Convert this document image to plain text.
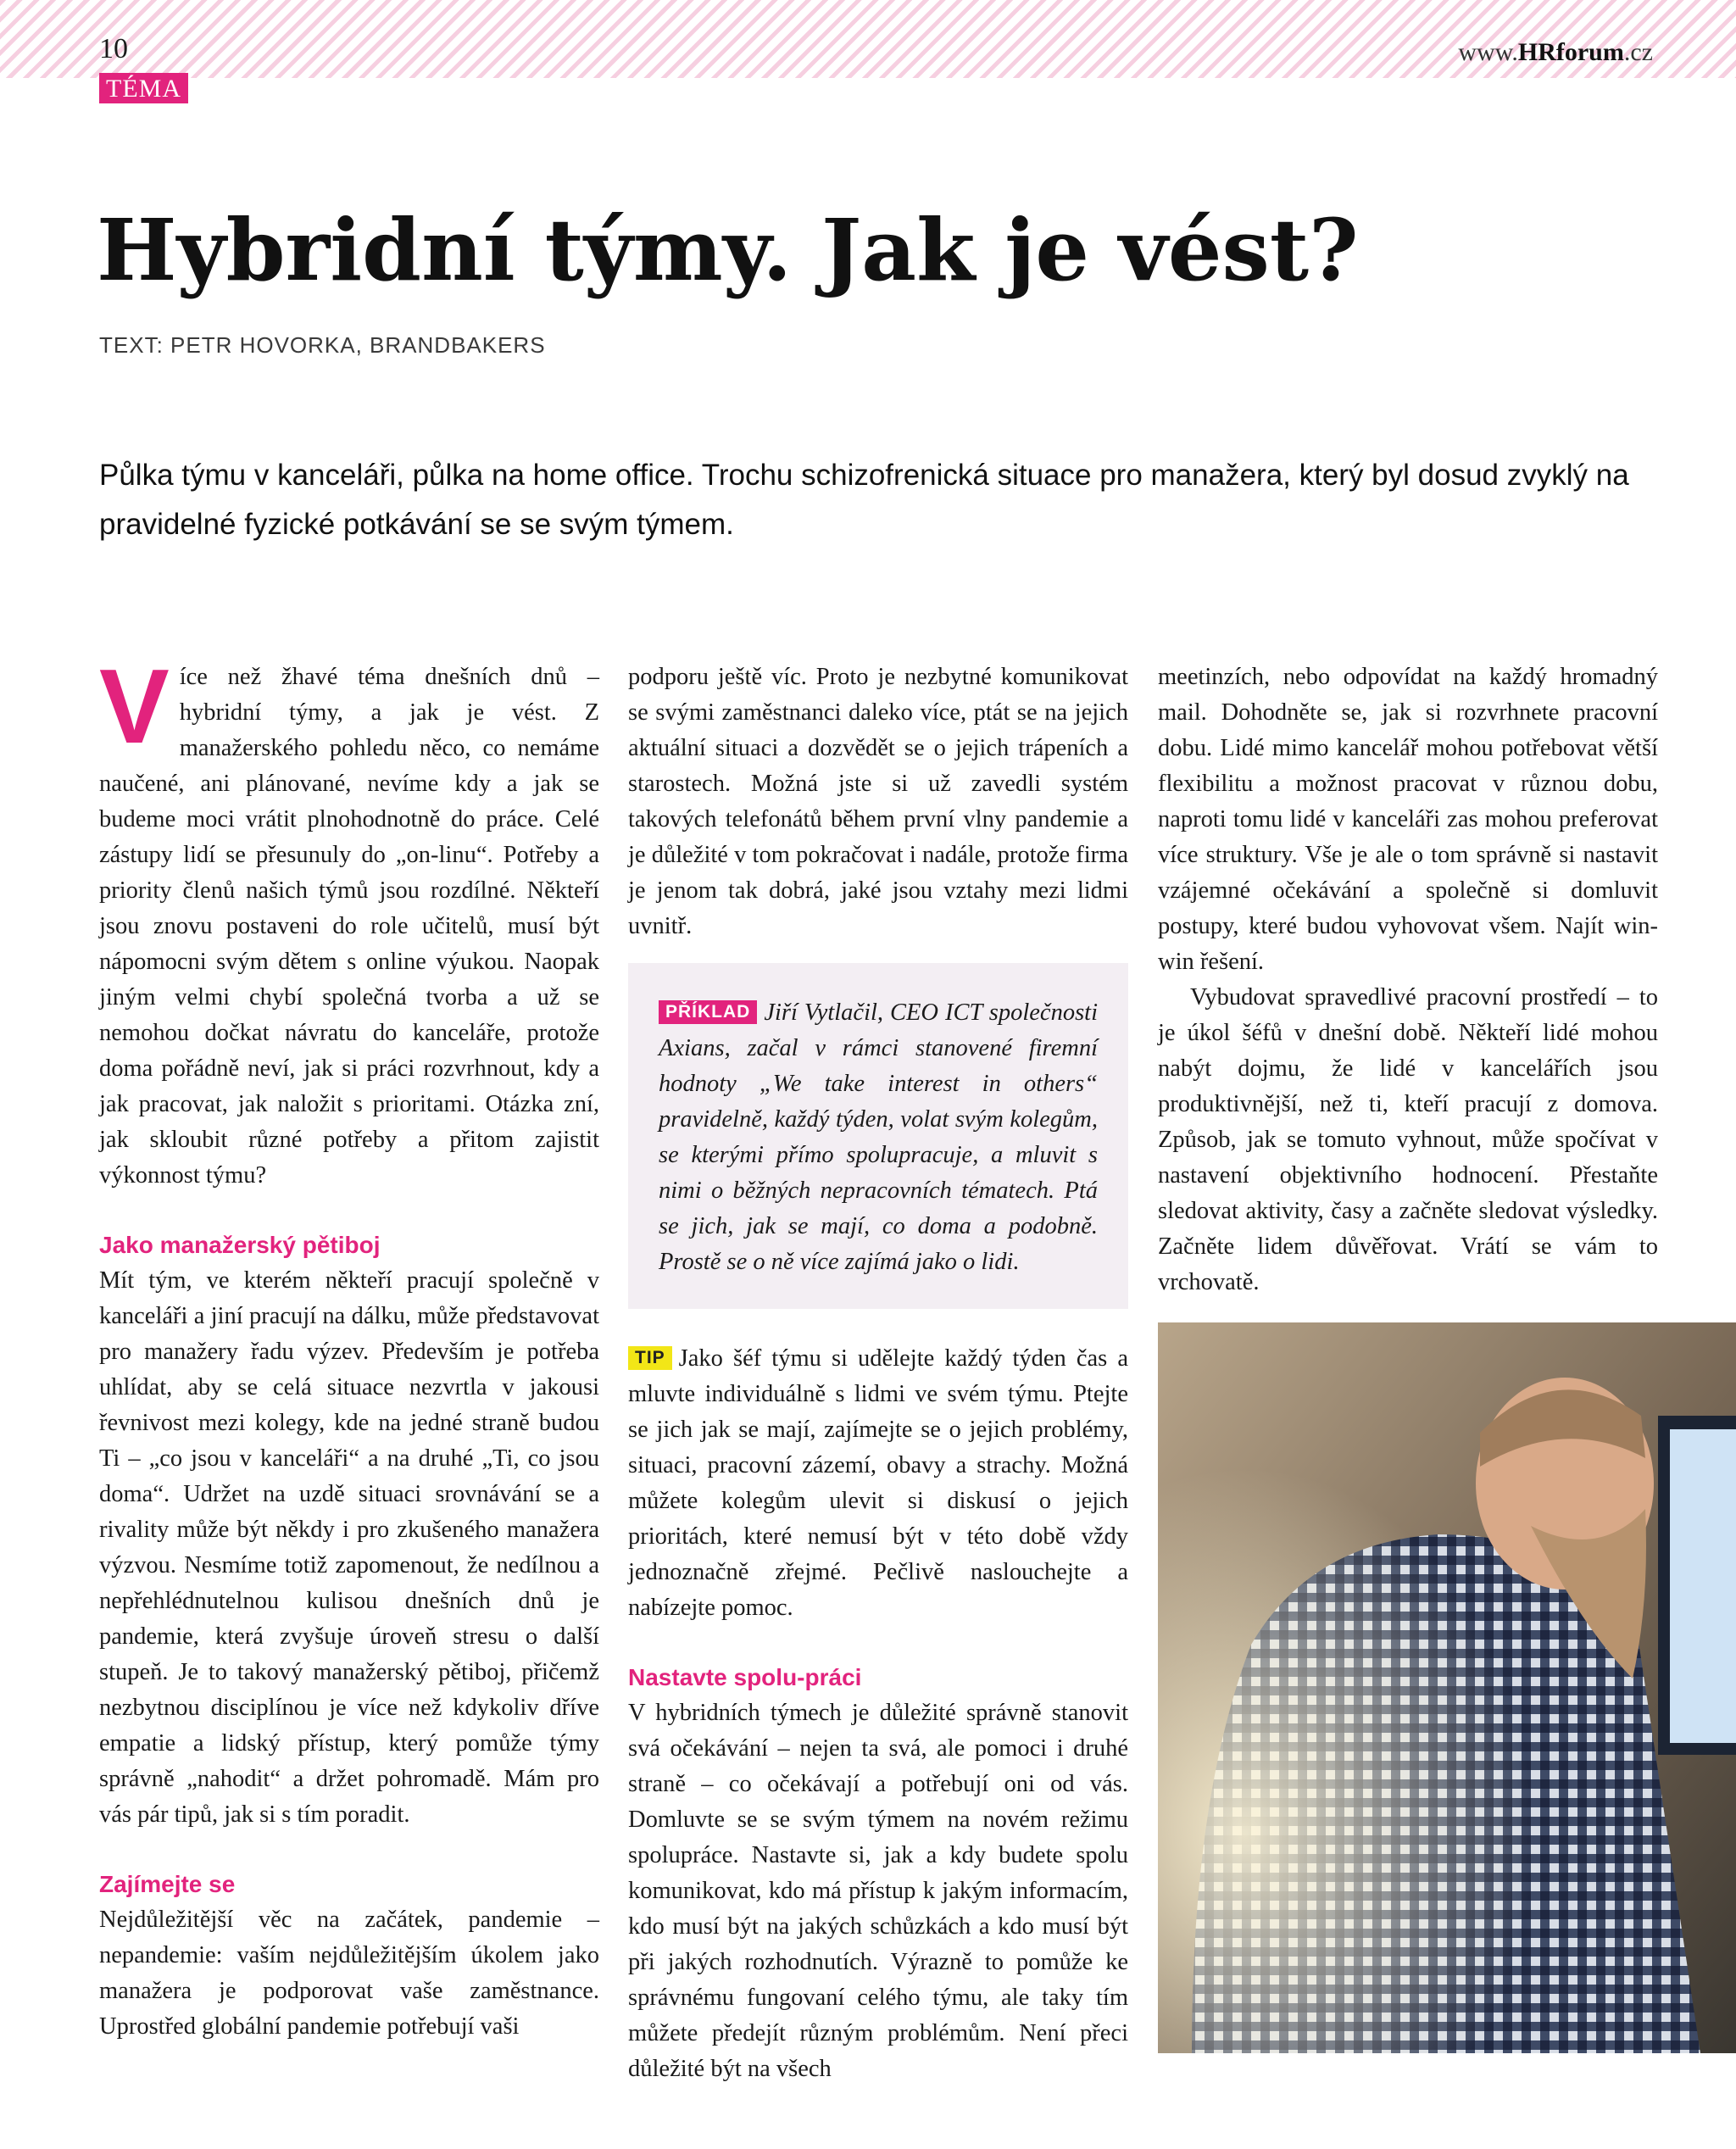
10
TÉMA
www.HRforum.cz
Hybridní týmy. Jak je vést?
TEXT: PETR HOVORKA, BRANDBAKERS

Půlka týmu v kanceláři, půlka na home office. Trochu schizofrenická situace pro manažera, který byl dosud zvyklý na pravidelné fyzické potkávání se se svým týmem.

Více než žhavé téma dnešních dnů – hybridní týmy, a jak je vést. Z manažerského pohledu něco, co nemáme naučené, ani plánované, nevíme kdy a jak se budeme moci vrátit plnohodnotně do práce. Celé zástupy lidí se přesunuly do „on-linu“. Potřeby a priority členů našich týmů jsou rozdílné. Někteří jsou znovu postaveni do role učitelů, musí být nápomocni svým dětem s online výukou. Naopak jiným velmi chybí společná tvorba a už se nemohou dočkat návratu do kanceláře, protože doma pořádně neví, jak si práci rozvrhnout, kdy a jak pracovat, jak naložit s prioritami. Otázka zní, jak skloubit různé potřeby a přitom zajistit výkonnost týmu?

Jako manažerský pětiboj

Mít tým, ve kterém někteří pracují společně v kanceláři a jiní pracují na dálku, může představovat pro manažery řadu výzev. Především je potřeba uhlídat, aby se celá situace nezvrtla v jakousi řevnivost mezi kolegy, kde na jedné straně budou Ti – „co jsou v kanceláři“ a na druhé „Ti, co jsou doma“. Udržet na uzdě situaci srovnávání se a rivality může být někdy i pro zkušeného manažera výzvou. Nesmíme totiž zapomenout, že nedílnou a nepřehlédnutelnou kulisou dnešních dnů je pandemie, která zvyšuje úroveň stresu o další stupeň. Je to takový manažerský pětiboj, přičemž nezbytnou disciplínou je více než kdykoliv dříve empatie a lidský přístup, který pomůže týmy správně „nahodit“ a držet pohromadě. Mám pro vás pár tipů, jak si s tím poradit.

Zajímejte se

Nejdůležitější věc na začátek, pandemie – nepandemie: vaším nejdůležitějším úkolem jako manažera je podporovat vaše zaměstnance. Uprostřed globální pandemie potřebují vaši

podporu ještě víc. Proto je nezbytné komunikovat se svými zaměstnanci daleko více, ptát se na jejich aktuální situaci a dozvědět se o jejich trápeních a starostech. Možná jste si už zavedli systém takových telefonátů během první vlny pandemie a je důležité v tom pokračovat i nadále, protože firma je jenom tak dobrá, jaké jsou vztahy mezi lidmi uvnitř.

PŘÍKLAD Jiří Vytlačil, CEO ICT společnosti Axians, začal v rámci stanovené firemní hodnoty „We take interest in others“ pravidelně, každý týden, volat svým kolegům, se kterými přímo spolupracuje, a mluvit s nimi o běžných nepracovních tématech. Ptá se jich, jak se mají, co doma a podobně. Prostě se o ně více zajímá jako o lidi.

TIP Jako šéf týmu si udělejte každý týden čas a mluvte individuálně s lidmi ve svém týmu. Ptejte se jich jak se mají, zajímejte se o jejich problémy, situaci, pracovní zázemí, obavy a strachy. Možná můžete kolegům ulevit si diskusí o jejich prioritách, které nemusí být v této době vždy jednoznačně zřejmé. Pečlivě naslouchejte a nabízejte pomoc.

Nastavte spolu-práci

V hybridních týmech je důležité správně stanovit svá očekávání – nejen ta svá, ale pomoci i druhé straně – co očekávají a potřebují oni od vás. Domluvte se se svým týmem na novém režimu spolupráce. Nastavte si, jak a kdy budete spolu komunikovat, kdo má přístup k jakým informacím, kdo musí být na jakých schůzkách a kdo musí být při jakých rozhodnutích. Výrazně to pomůže ke správnému fungovaní celého týmu, ale taky tím můžete předejít různým problémům. Není přeci důležité být na všech

meetinzích, nebo odpovídat na každý hromadný mail. Dohodněte se, jak si rozvrhnete pracovní dobu. Lidé mimo kancelář mohou potřebovat větší flexibilitu a možnost pracovat v různou dobu, naproti tomu lidé v kanceláři zas mohou preferovat více struktury. Vše je ale o tom správně si nastavit vzájemné očekávání a společně si domluvit postupy, které budou vyhovovat všem. Najít win-win řešení.

Vybudovat spravedlivé pracovní prostředí – to je úkol šéfů v dnešní době. Někteří lidé mohou nabýt dojmu, že lidé v kancelářích jsou produktivnější, než ti, kteří pracují z domova. Způsob, jak se tomuto vyhnout, může spočívat v nastavení objektivního hodnocení. Přestaňte sledovat aktivity, časy a začněte sledovat výsledky. Začněte lidem důvěřovat. Vrátí se vám to vrchovatě.
